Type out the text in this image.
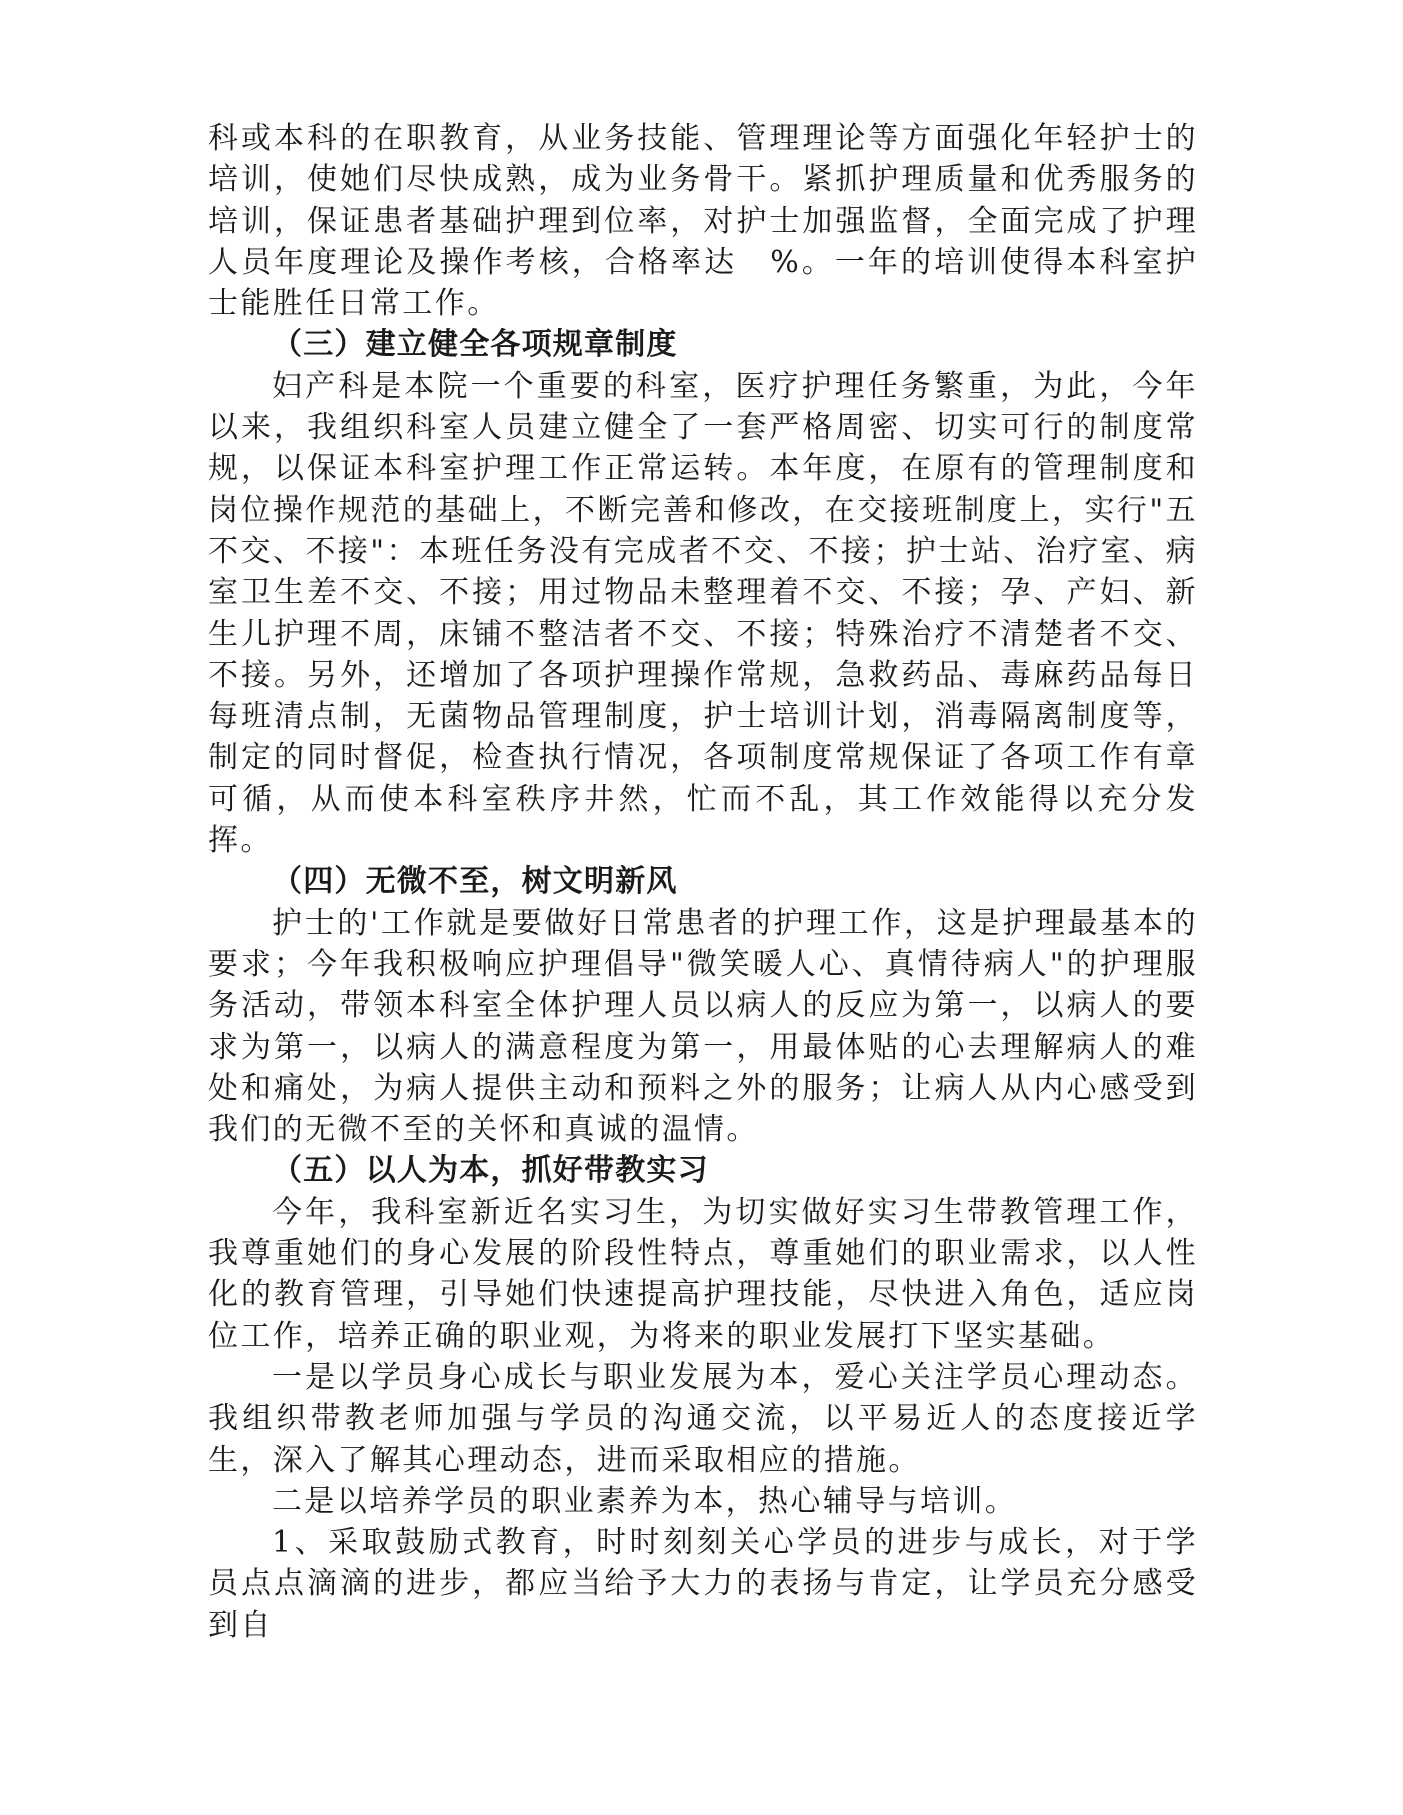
科或本科的在职教育，从业务技能、管理理论等方面强化年轻护士的培训，使她们尽快成熟，成为业务骨干。紧抓护理质量和优秀服务的培训，保证患者基础护理到位率，对护士加强监督，全面完成了护理人员年度理论及操作考核，合格率达　%。一年的培训使得本科室护士能胜任日常工作。

（三）建立健全各项规章制度

妇产科是本院一个重要的科室，医疗护理任务繁重，为此，今年以来，我组织科室人员建立健全了一套严格周密、切实可行的制度常规，以保证本科室护理工作正常运转。本年度，在原有的管理制度和岗位操作规范的基础上，不断完善和修改，在交接班制度上，实行"五不交、不接"：本班任务没有完成者不交、不接；护士站、治疗室、病室卫生差不交、不接；用过物品未整理着不交、不接；孕、产妇、新生儿护理不周，床铺不整洁者不交、不接；特殊治疗不清楚者不交、不接。另外，还增加了各项护理操作常规，急救药品、毒麻药品每日每班清点制，无菌物品管理制度，护士培训计划，消毒隔离制度等，制定的同时督促，检查执行情况，各项制度常规保证了各项工作有章可循，从而使本科室秩序井然，忙而不乱，其工作效能得以充分发挥。

（四）无微不至，树文明新风

护士的'工作就是要做好日常患者的护理工作，这是护理最基本的要求；今年我积极响应护理倡导"微笑暖人心、真情待病人"的护理服务活动，带领本科室全体护理人员以病人的反应为第一，以病人的要求为第一，以病人的满意程度为第一，用最体贴的心去理解病人的难处和痛处，为病人提供主动和预料之外的服务；让病人从内心感受到我们的无微不至的关怀和真诚的温情。

（五）以人为本，抓好带教实习

今年，我科室新近名实习生，为切实做好实习生带教管理工作，我尊重她们的身心发展的阶段性特点，尊重她们的职业需求，以人性化的教育管理，引导她们快速提高护理技能，尽快进入角色，适应岗位工作，培养正确的职业观，为将来的职业发展打下坚实基础。

一是以学员身心成长与职业发展为本，爱心关注学员心理动态。我组织带教老师加强与学员的沟通交流，以平易近人的态度接近学生，深入了解其心理动态，进而采取相应的措施。

二是以培养学员的职业素养为本，热心辅导与培训。

1、采取鼓励式教育，时时刻刻关心学员的进步与成长，对于学员点点滴滴的进步，都应当给予大力的表扬与肯定，让学员充分感受到自
